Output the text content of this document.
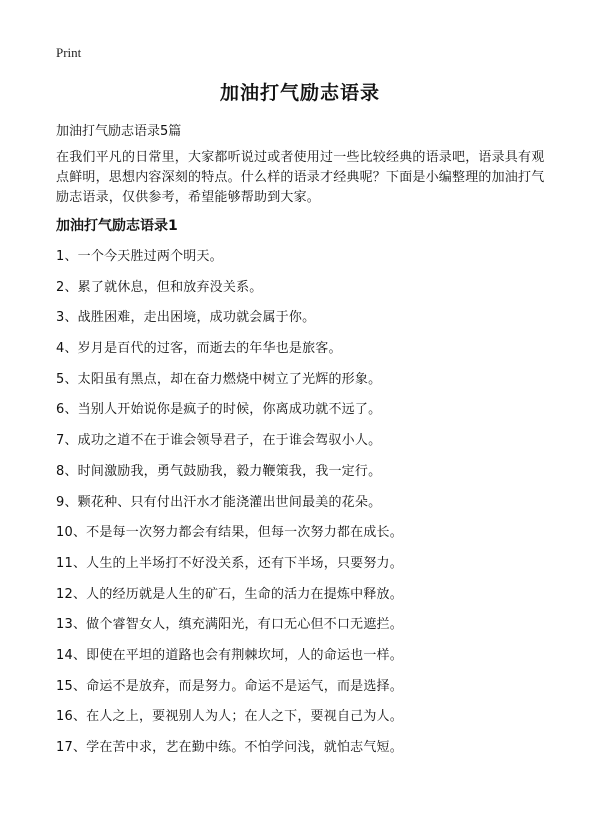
Print
加油打气励志语录

加油打气励志语录5篇

在我们平凡的日常里，大家都听说过或者使用过一些比较经典的语录吧，语录具有观点鲜明，思想内容深刻的特点。什么样的语录才经典呢？下面是小编整理的加油打气励志语录，仅供参考，希望能够帮助到大家。

加油打气励志语录1
1、一个今天胜过两个明天。
2、累了就休息，但和放弃没关系。
3、战胜困难，走出困境，成功就会属于你。
4、岁月是百代的过客，而逝去的年华也是旅客。
5、太阳虽有黑点，却在奋力燃烧中树立了光辉的形象。
6、当别人开始说你是疯子的时候，你离成功就不远了。
7、成功之道不在于谁会领导君子，在于谁会驾驭小人。
8、时间激励我，勇气鼓励我，毅力鞭策我，我一定行。
9、颗花种、只有付出汗水才能浇灌出世间最美的花朵。
10、不是每一次努力都会有结果，但每一次努力都在成长。
11、人生的上半场打不好没关系，还有下半场，只要努力。
12、人的经历就是人生的矿石，生命的活力在提炼中释放。
13、做个睿智女人，缜充满阳光，有口无心但不口无遮拦。
14、即使在平坦的道路也会有荆棘坎坷，人的命运也一样。
15、命运不是放弃，而是努力。命运不是运气，而是选择。
16、在人之上，要视别人为人；在人之下，要视自己为人。
17、学在苦中求，艺在勤中练。不怕学问浅，就怕志气短。
